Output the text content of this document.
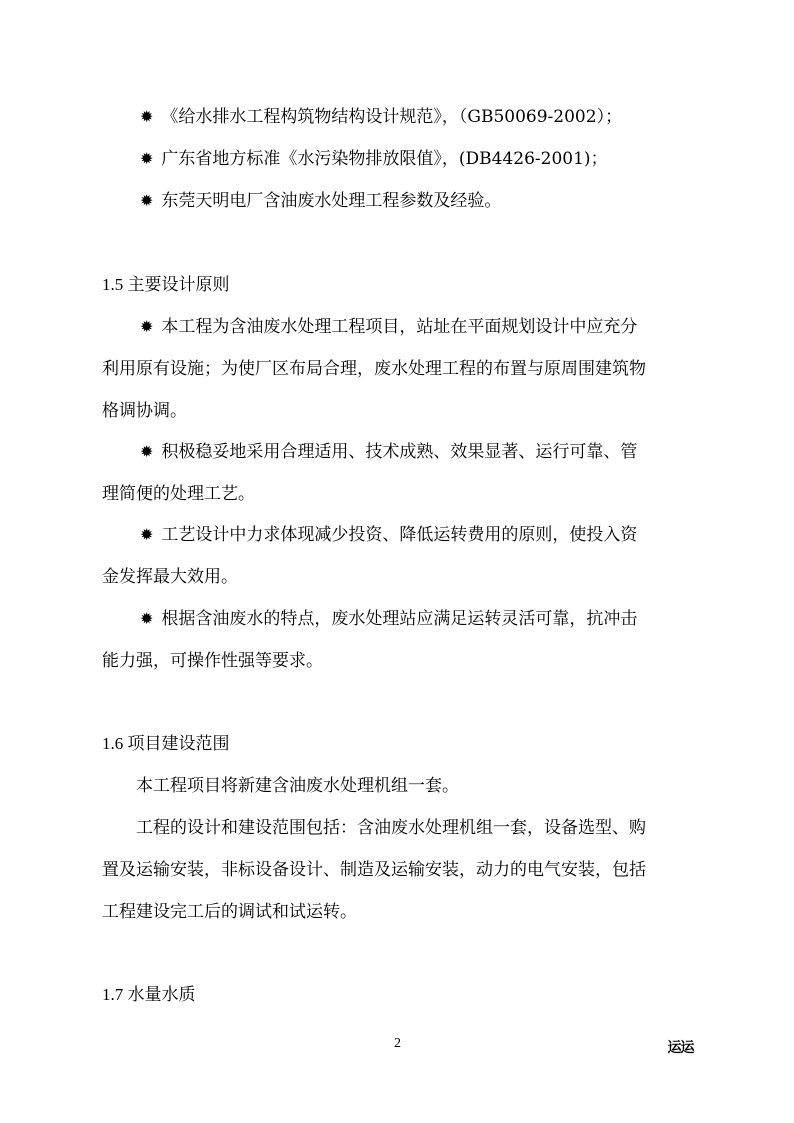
✹ 《给水排水工程构筑物结构设计规范》，（GB50069-2002）；
✹ 广东省地方标准《水污染物排放限值》，(DB4426-2001)；
✹ 东莞天明电厂含油废水处理工程参数及经验。
1.5 主要设计原则
✹ 本工程为含油废水处理工程项目，站址在平面规划设计中应充分
利用原有设施；为使厂区布局合理，废水处理工程的布置与原周围建筑物
格调协调。
✹ 积极稳妥地采用合理适用、技术成熟、效果显著、运行可靠、管
理简便的处理工艺。
✹ 工艺设计中力求体现减少投资、降低运转费用的原则，使投入资
金发挥最大效用。
✹ 根据含油废水的特点，废水处理站应满足运转灵活可靠，抗冲击
能力强，可操作性强等要求。
1.6 项目建设范围
本工程项目将新建含油废水处理机组一套。
工程的设计和建设范围包括：含油废水处理机组一套，设备选型、购
置及运输安装，非标设备设计、制造及运输安装，动力的电气安装，包括
工程建设完工后的调试和试运转。
1.7 水量水质
2	运运
